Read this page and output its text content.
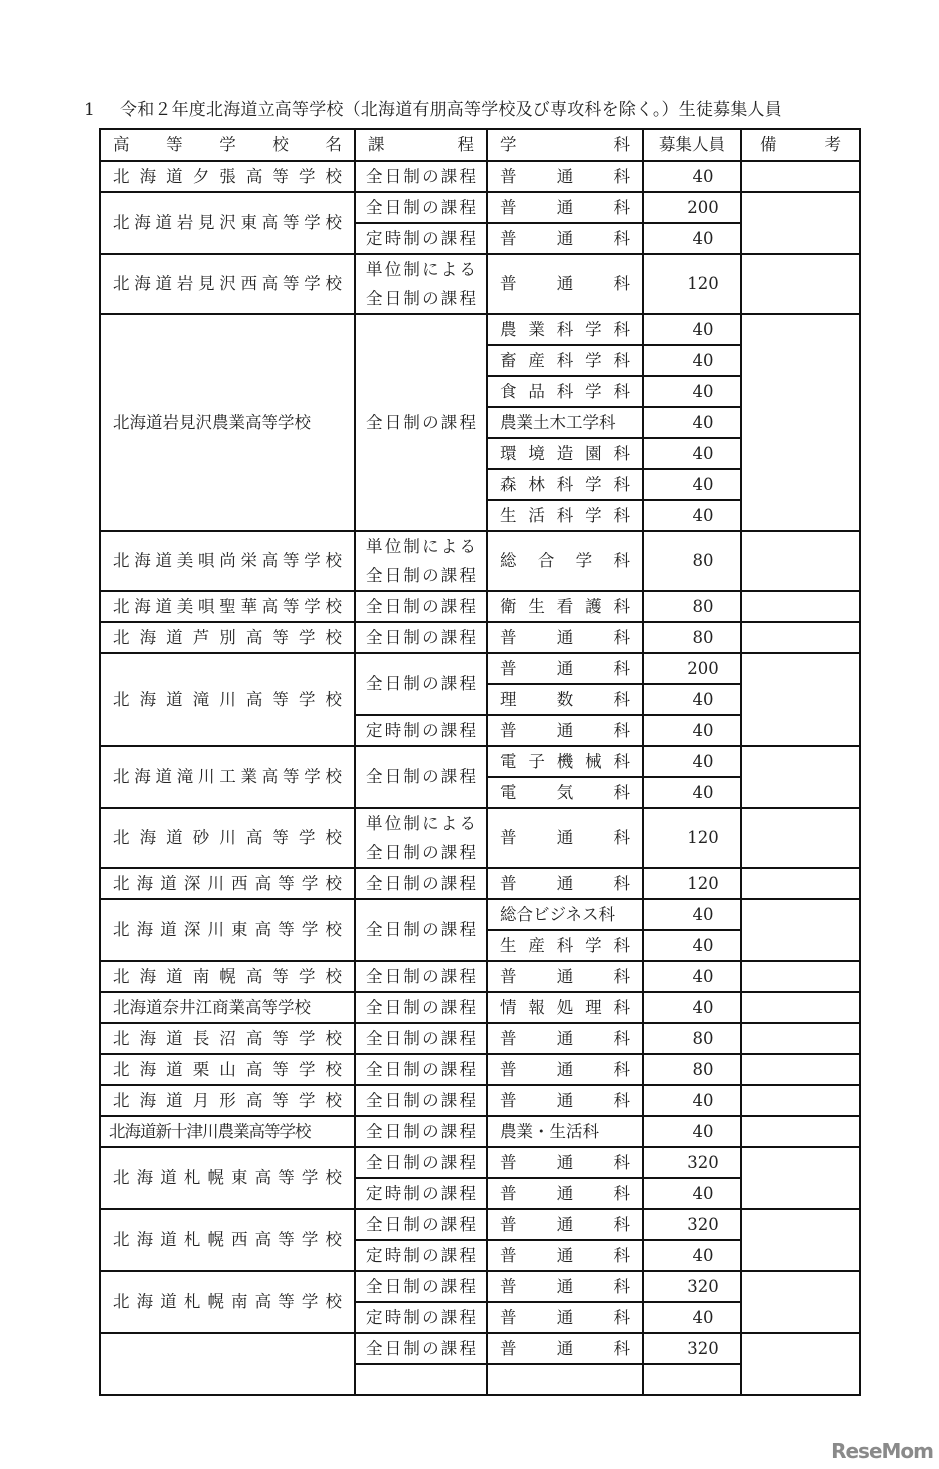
1 令和２年度北海道立高等学校（北海道有朋高等学校及び専攻科を除く。）生徒募集人員
高等学校名	課程	学科	募集人員	備考
北海道夕張高等学校	全日制の課程	普通科	40	
北海道岩見沢東高等学校	全日制の課程	普通科	200	

	定時制の課程	普通科	40	
北海道岩見沢西高等学校	単位制による
全日制の課程	普通科	120	
北海道岩見沢農業高等学校	全日制の課程	農業科学科	40	
		畜産科学科	40	
		食品科学科	40	
		農業土木工学科	40	
		環境造園科	40	
		森林科学科	40	
		生活科学科	40	
北海道美唄尚栄高等学校	単位制による
全日制の課程	総合学科	80	
北海道美唄聖華高等学校	全日制の課程	衛生看護科	80	
北海道芦別高等学校	全日制の課程	普通科	80	
北海道滝川高等学校	全日制の課程	普通科	200	
		理数科	40	

	定時制の課程	普通科	40	
北海道滝川工業高等学校	全日制の課程	電子機械科	40	
		電気科	40	
北海道砂川高等学校	単位制による
全日制の課程	普通科	120	
北海道深川西高等学校	全日制の課程	普通科	120	
北海道深川東高等学校	全日制の課程	総合ビジネス科	40	
		生産科学科	40	
北海道南幌高等学校	全日制の課程	普通科	40	
北海道奈井江商業高等学校	全日制の課程	情報処理科	40	
北海道長沼高等学校	全日制の課程	普通科	80	
北海道栗山高等学校	全日制の課程	普通科	80	
北海道月形高等学校	全日制の課程	普通科	40	
北海道新十津川農業高等学校	全日制の課程	農業・生活科	40	
北海道札幌東高等学校	全日制の課程	普通科	320	

	定時制の課程	普通科	40	
北海道札幌西高等学校	全日制の課程	普通科	320	

	定時制の課程	普通科	40	
北海道札幌南高等学校	全日制の課程	普通科	320	

	定時制の課程	普通科	40	

	全日制の課程	普通科	320	

ReseMom
